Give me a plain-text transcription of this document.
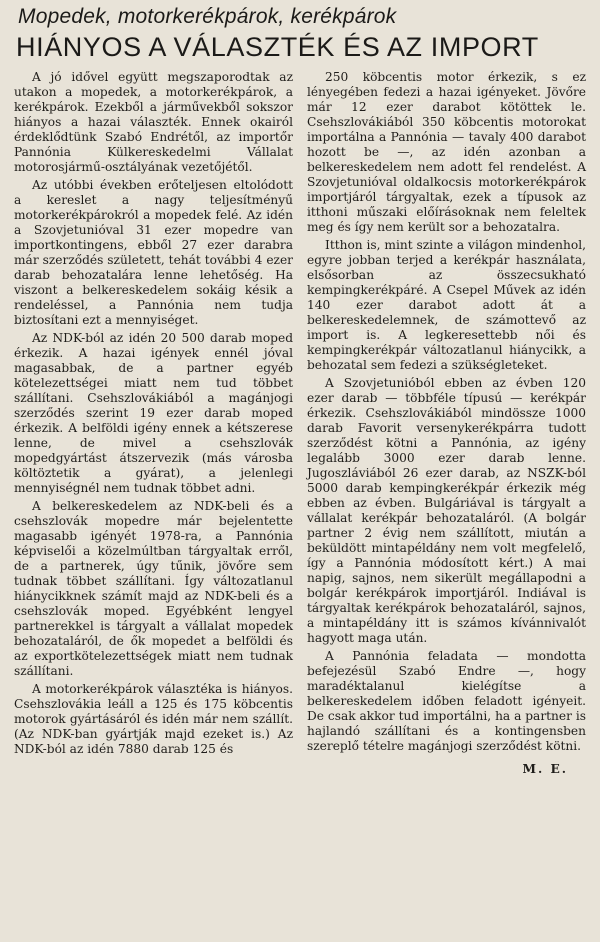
Mopedek, motorkerékpárok, kerékpárok
HIÁNYOS A VÁLASZTÉK ÉS AZ IMPORT

A jó idővel együtt megszaporodtak az utakon a mopedek, a motorkerékpárok, a kerékpárok. Ezekből a járművekből sokszor hiányos a hazai választék. Ennek okairól érdeklődtünk Szabó Endrétől, az importőr Pannónia Külkereskedelmi Vállalat motorosjármű-osztályának vezetőjétől.

Az utóbbi években erőteljesen eltolódott a kereslet a nagy teljesítményű motorkerékpárokról a mopedek felé. Az idén a Szovjetunióval 31 ezer mopedre van importkontingens, ebből 27 ezer darabra már szerződés született, tehát további 4 ezer darab behozatalára lenne lehetőség. Ha viszont a belkereskedelem sokáig késik a rendeléssel, a Pannónia nem tudja biztosítani ezt a mennyiséget.

Az NDK-ból az idén 20 500 darab moped érkezik. A hazai igények ennél jóval magasabbak, de a partner egyéb kötelezettségei miatt nem tud többet szállítani. Csehszlovákiából a magánjogi szerződés szerint 19 ezer darab moped érkezik. A belföldi igény ennek a kétszerese lenne, de mivel a csehszlovák mopedgyártást átszervezik (más városba költöztetik a gyárat), a jelenlegi mennyiségnél nem tudnak többet adni.

A belkereskedelem az NDK-beli és a csehszlovák mopedre már bejelentette magasabb igényét 1978-ra, a Pannónia képviselői a közelmúltban tárgyaltak erről, de a partnerek, úgy tűnik, jövőre sem tudnak többet szállítani. Így változatlanul hiánycikknek számít majd az NDK-beli és a csehszlovák moped. Egyébként lengyel partnerekkel is tárgyalt a vállalat mopedek behozataláról, de ők mopedet a belföldi és az exportkötelezettségek miatt nem tudnak szállítani.

A motorkerékpárok választéka is hiányos. Csehszlovákia leáll a 125 és 175 köbcentis motorok gyártásáról és idén már nem szállít. (Az NDK-ban gyártják majd ezeket is.) Az NDK-ból az idén 7880 darab 125 és

250 köbcentis motor érkezik, s ez lényegében fedezi a hazai igényeket. Jövőre már 12 ezer darabot kötöttek le. Csehszlovákiából 350 köbcentis motorokat importálna a Pannónia — tavaly 400 darabot hozott be —, az idén azonban a belkereskedelem nem adott fel rendelést. A Szovjetunióval oldalkocsis motorkerékpárok importjáról tárgyaltak, ezek a típusok az itthoni műszaki előírásoknak nem feleltek meg és így nem került sor a behozatalra.

Itthon is, mint szinte a világon mindenhol, egyre jobban terjed a kerékpár használata, elsősorban az összecsukható kempingkerékpáré. A Csepel Művek az idén 140 ezer darabot adott át a belkereskedelemnek, de számottevő az import is. A legkeresettebb női és kempingkerékpár változatlanul hiánycikk, a behozatal sem fedezi a szükségleteket.

A Szovjetunióból ebben az évben 120 ezer darab — többféle típusú — kerékpár érkezik. Csehszlovákiából mindössze 1000 darab Favorit versenykerékpárra tudott szerződést kötni a Pannónia, az igény legalább 3000 ezer darab lenne. Jugoszláviából 26 ezer darab, az NSZK-ból 5000 darab kempingkerékpár érkezik még ebben az évben. Bulgáriával is tárgyalt a vállalat kerékpár behozataláról. (A bolgár partner 2 évig nem szállított, miután a beküldött mintapéldány nem volt megfelelő, így a Pannónia módosított kért.) A mai napig, sajnos, nem sikerült megállapodni a bolgár kerékpárok importjáról. Indiával is tárgyaltak kerékpárok behozataláról, sajnos, a mintapéldány itt is számos kívánnivalót hagyott maga után.

A Pannónia feladata — mondotta befejezésül Szabó Endre —, hogy maradéktalanul kielégítse a belkereskedelem időben feladott igényeit. De csak akkor tud importálni, ha a partner is hajlandó szállítani és a kontingensben szereplő tételre magánjogi szerződést kötni.

M. E.
